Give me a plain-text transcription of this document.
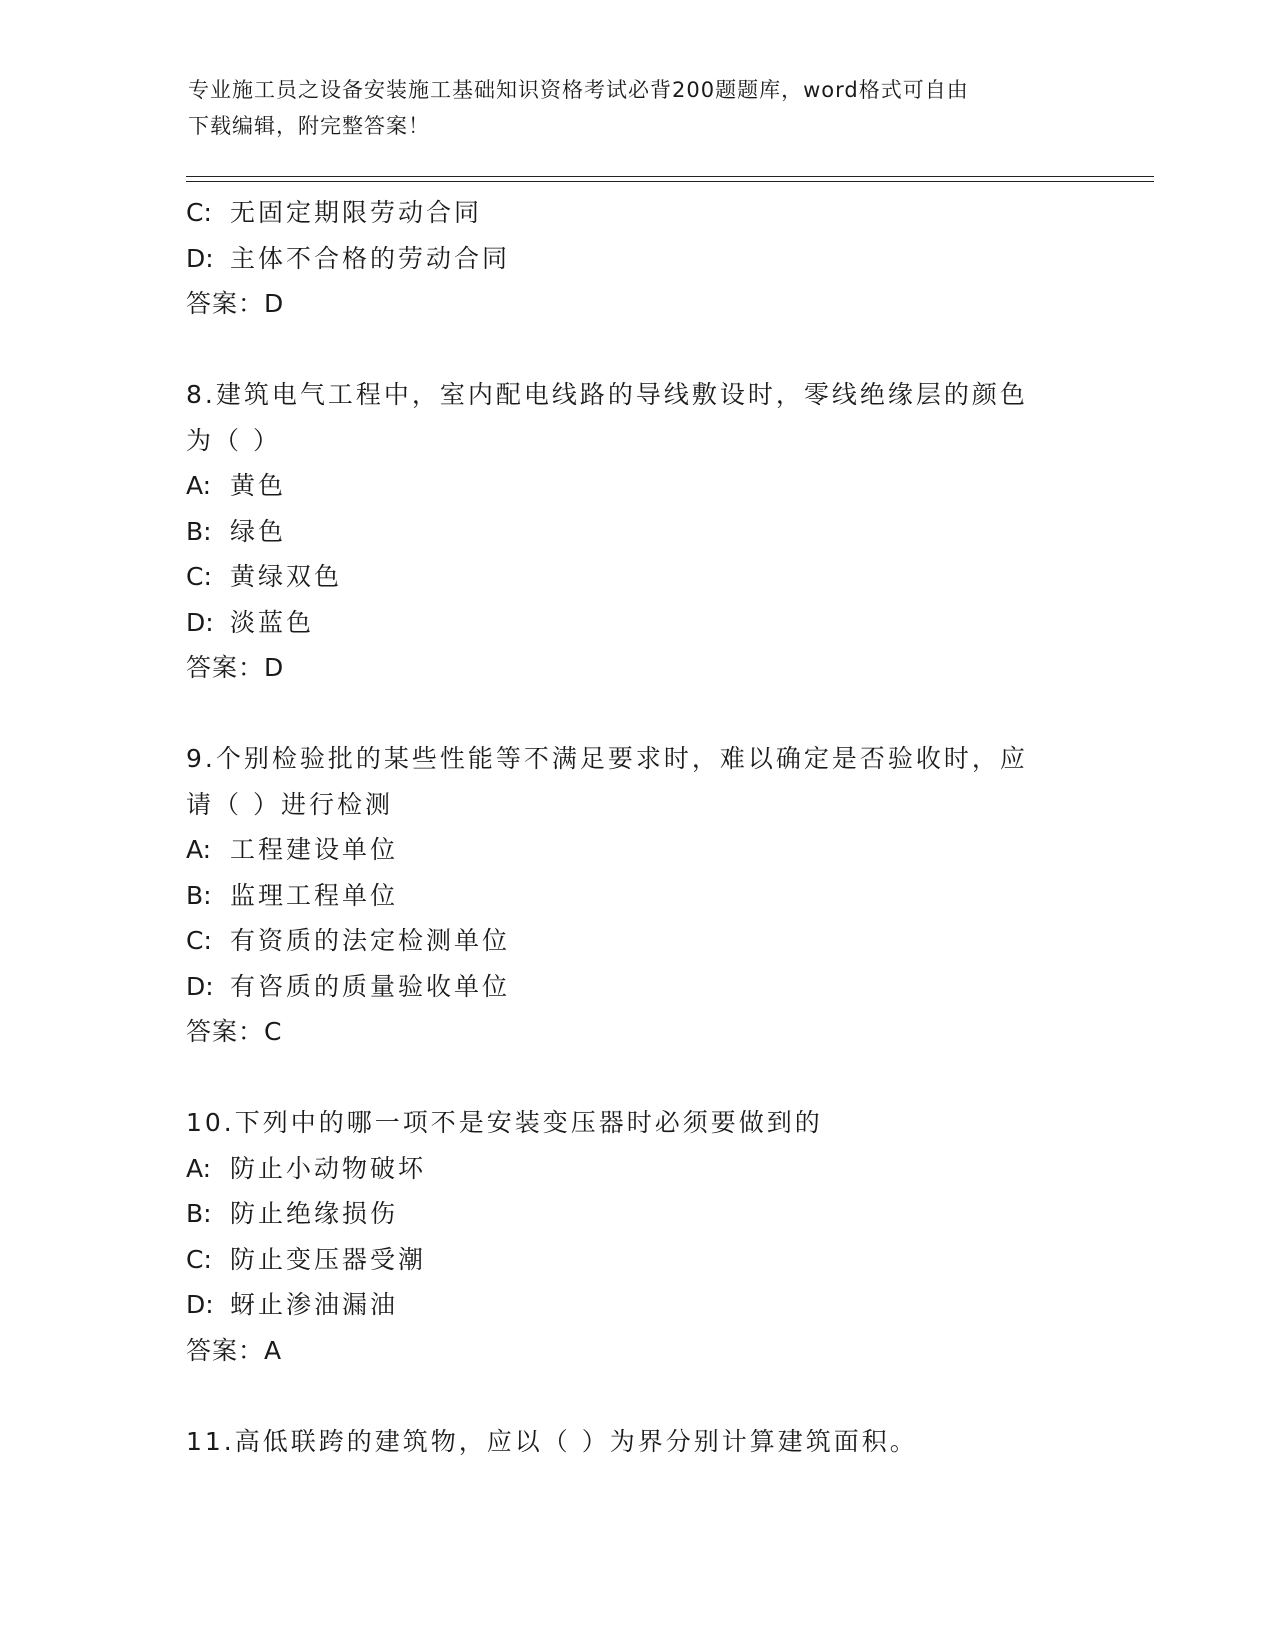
专业施工员之设备安装施工基础知识资格考试必背200题题库，word格式可自由
下载编辑，附完整答案！
C: 无固定期限劳动合同
D: 主体不合格的劳动合同
答案：D
8.建筑电气工程中，室内配电线路的导线敷设时，零线绝缘层的颜色
为（ ）
A: 黄色
B: 绿色
C: 黄绿双色
D: 淡蓝色
答案：D
9.个别检验批的某些性能等不满足要求时，难以确定是否验收时，应
请（ ）进行检测
A: 工程建设单位
B: 监理工程单位
C: 有资质的法定检测单位
D: 有咨质的质量验收单位
答案：C
10.下列中的哪一项不是安装变压器时必须要做到的
A: 防止小动物破坏
B: 防止绝缘损伤
C: 防止变压器受潮
D: 蚜止渗油漏油
答案：A
11.高低联跨的建筑物，应以（ ）为界分别计算建筑面积。
